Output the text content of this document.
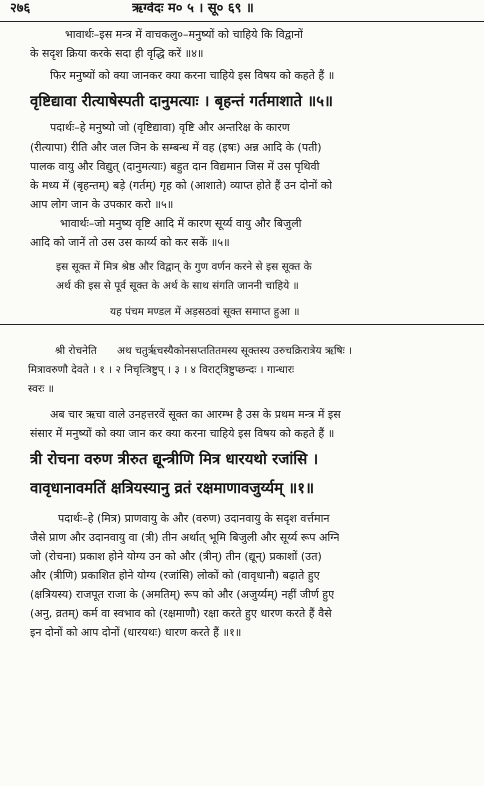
२७६	ऋग्वेदः म० ५ । सू० ६९ ॥
भावार्थः–इस मन्त्र में वाचकलु०–मनुष्यों को चाहिये कि विद्वानों
के सदृश क्रिया करके सदा ही वृद्धि करें ॥४॥
फिर मनुष्यों को क्या जानकर क्या करना चाहिये इस विषय को कहते हैं ॥
वृष्टिद्यावा रीत्याषेस्पती दानुमत्याः । बृहन्तं गर्तमाशाते ॥५॥
पदार्थः–हे मनुष्यो जो (वृष्टिद्यावा) वृष्टि और अन्तरिक्ष के कारण
(रीत्यापा) रीति और जल जिन के सम्बन्ध में वह (इषः) अन्न आदि के (पती)
पालक वायु और विद्युत् (दानुमत्याः) बहुत दान विद्यमान जिस में उस पृथिवी
के मध्य में (बृहन्तम्) बड़े (गर्तम्) गृह को (आशाते) व्याप्त होते हैं उन दोनों को
आप लोग जान के उपकार करो ॥५॥
भावार्थः–जो मनुष्य वृष्टि आदि में कारण सूर्य्य वायु और बिजुली
आदि को जानें तो उस उस कार्य्य को कर सकें ॥५॥
इस सूक्त में मित्र श्रेष्ठ और विद्वान् के गुण वर्णन करने से इस सूक्त के
अर्थ की इस से पूर्व सूक्त के अर्थ के साथ संगति जाननी चाहिये ॥
यह पंचम मण्डल में अड़सठवां सूक्त समाप्त हुआ ॥
श्री रोचनेति अथ चतुर्ऋचस्यैकोनसप्ततितमस्य सूक्तस्य उरुचक्रिरात्रेय ऋषिः ।
मित्रावरुणौ देवते । १ । २ निचृत्त्रिष्टुप् । ३ । ४ विराट्त्रिष्टुप्छन्दः । गान्धारः
स्वरः ॥
अब चार ऋचा वाले उनहत्तरवें सूक्त का आरम्भ है उस के प्रथम मन्त्र में इस
संसार में मनुष्यों को क्या जान कर क्या करना चाहिये इस विषय को कहते हैं ॥
त्री रोचना वरुण त्रीरुत द्यून्त्रीणि मित्र धारयथो रजांसि ।
वावृधानावमतिं क्षत्रियस्यानु व्रतं रक्षमाणावजुर्य्यम् ॥१॥
पदार्थः–हे (मित्र) प्राणवायु के और (वरुण) उदानवायु के सदृश वर्त्तमान
जैसे प्राण और उदानवायु वा (त्री) तीन अर्थात् भूमि बिजुली और सूर्य्य रूप अग्नि
जो (रोचना) प्रकाश होने योग्य उन को और (त्रीन्) तीन (द्यून्) प्रकाशों (उत)
और (त्रीणि) प्रकाशित होने योग्य (रजांसि) लोकों को (वावृधानौ) बढ़ाते हुए
(क्षत्रियस्य) राजपूत राजा के (अमतिम्) रूप को और (अजुर्य्यम्) नहीं जीर्ण हुए
(अनु, व्रतम्) कर्म वा स्वभाव को (रक्षमाणौ) रक्षा करते हुए धारण करते हैं वैसे
इन दोनों को आप दोनों (धारयथः) धारण करते हैं ॥१॥
